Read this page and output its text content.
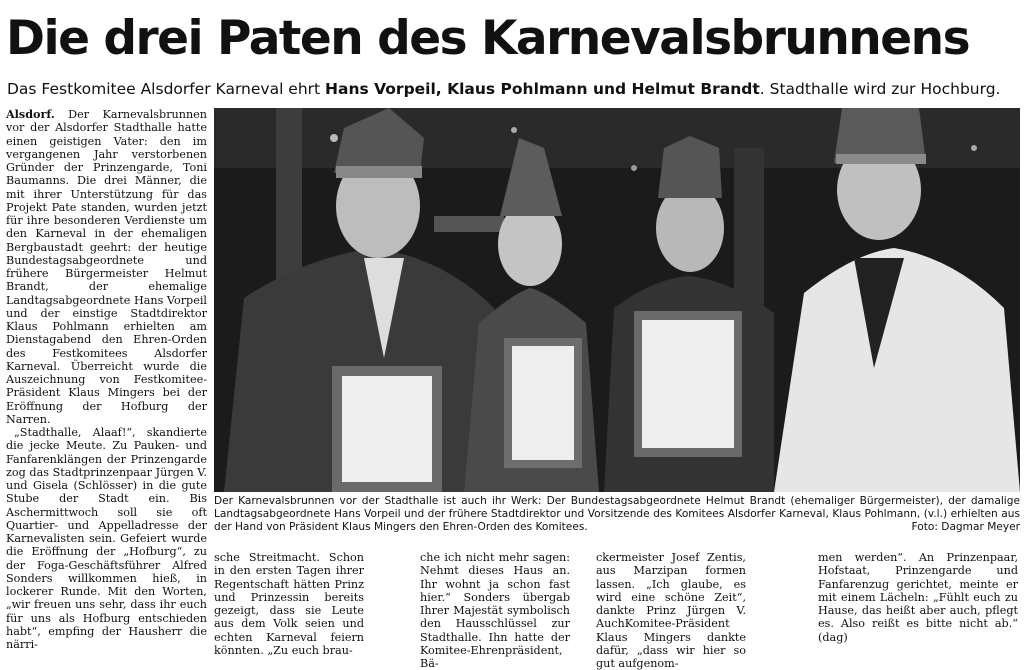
Die drei Paten des Karnevalsbrunnens
Das Festkomitee Alsdorfer Karneval ehrt Hans Vorpeil, Klaus Pohlmann und Helmut Brandt. Stadthalle wird zur Hochburg.

Alsdorf. Der Karnevalsbrunnen vor der Alsdorfer Stadthalle hatte einen geistigen Vater: den im vergangenen Jahr verstorbenen Gründer der Prinzengarde, Toni Baumanns. Die drei Männer, die mit ihrer Unterstützung für das Projekt Pate standen, wurden jetzt für ihre besonderen Verdienste um den Karneval in der ehemaligen Bergbaustadt geehrt: der heutige Bundestagsabgeordnete und frühere Bürgermeister Helmut Brandt, der ehemalige Landtagsabgeordnete Hans Vorpeil und der einstige Stadtdirektor Klaus Pohlmann erhielten am Dienstagabend den Ehren-Orden des Festkomitees Alsdorfer Karneval. Überreicht wurde die Auszeichnung von Festkomitee-Präsident Klaus Mingers bei der Eröffnung der Hofburg der Narren.

„Stadthalle, Alaaf!“, skandierte die jecke Meute. Zu Pauken- und Fanfarenklängen der Prinzengarde zog das Stadtprinzenpaar Jürgen V. und Gisela (Schlösser) in die gute Stube der Stadt ein. Bis Aschermittwoch soll sie oft Quartier- und Appelladresse der Karnevalisten sein. Gefeiert wurde die Eröffnung der „Hofburg“, zu der Foga-Geschäftsführer Alfred Sonders willkommen hieß, in lockerer Runde. Mit den Worten, „wir freuen uns sehr, dass ihr euch für uns als Hofburg entschieden habt“, empfing der Hausherr die närri-

Der Karnevalsbrunnen vor der Stadthalle ist auch ihr Werk: Der Bundestagsabgeordnete Helmut Brandt (ehemaliger Bürgermeister), der damalige Landtagsabgeordnete Hans Vorpeil und der frühere Stadtdirektor und Vorsitzende des Komitees Alsdorfer Karneval, Klaus Pohlmann, (v.l.) erhielten aus der Hand von Präsident Klaus Mingers den Ehren-Orden des Komitees.	Foto: Dagmar Meyer

sche Streitmacht. Schon in den ersten Tagen ihrer Regentschaft hätten Prinz und Prinzessin bereits gezeigt, dass sie Leute aus dem Volk seien und echten Karneval feiern könnten. „Zu euch brau-

che ich nicht mehr sagen: Nehmt dieses Haus an. Ihr wohnt ja schon fast hier.“ Sonders übergab Ihrer Majestät symbolisch den Hausschlüssel zur Stadthalle. Ihn hatte der Komitee-Ehrenpräsident, Bä-

ckermeister Josef Zentis, aus Marzipan formen lassen. „Ich glaube, es wird eine schöne Zeit“, dankte Prinz Jürgen V. AuchKomitee-Präsident Klaus Mingers dankte dafür, „dass wir hier so gut aufgenom-

men werden“. An Prinzenpaar, Hofstaat, Prinzengarde und Fanfarenzug gerichtet, meinte er mit einem Lächeln: „Fühlt euch zu Hause, das heißt aber auch, pflegt es. Also reißt es bitte nicht ab.“ (dag)
